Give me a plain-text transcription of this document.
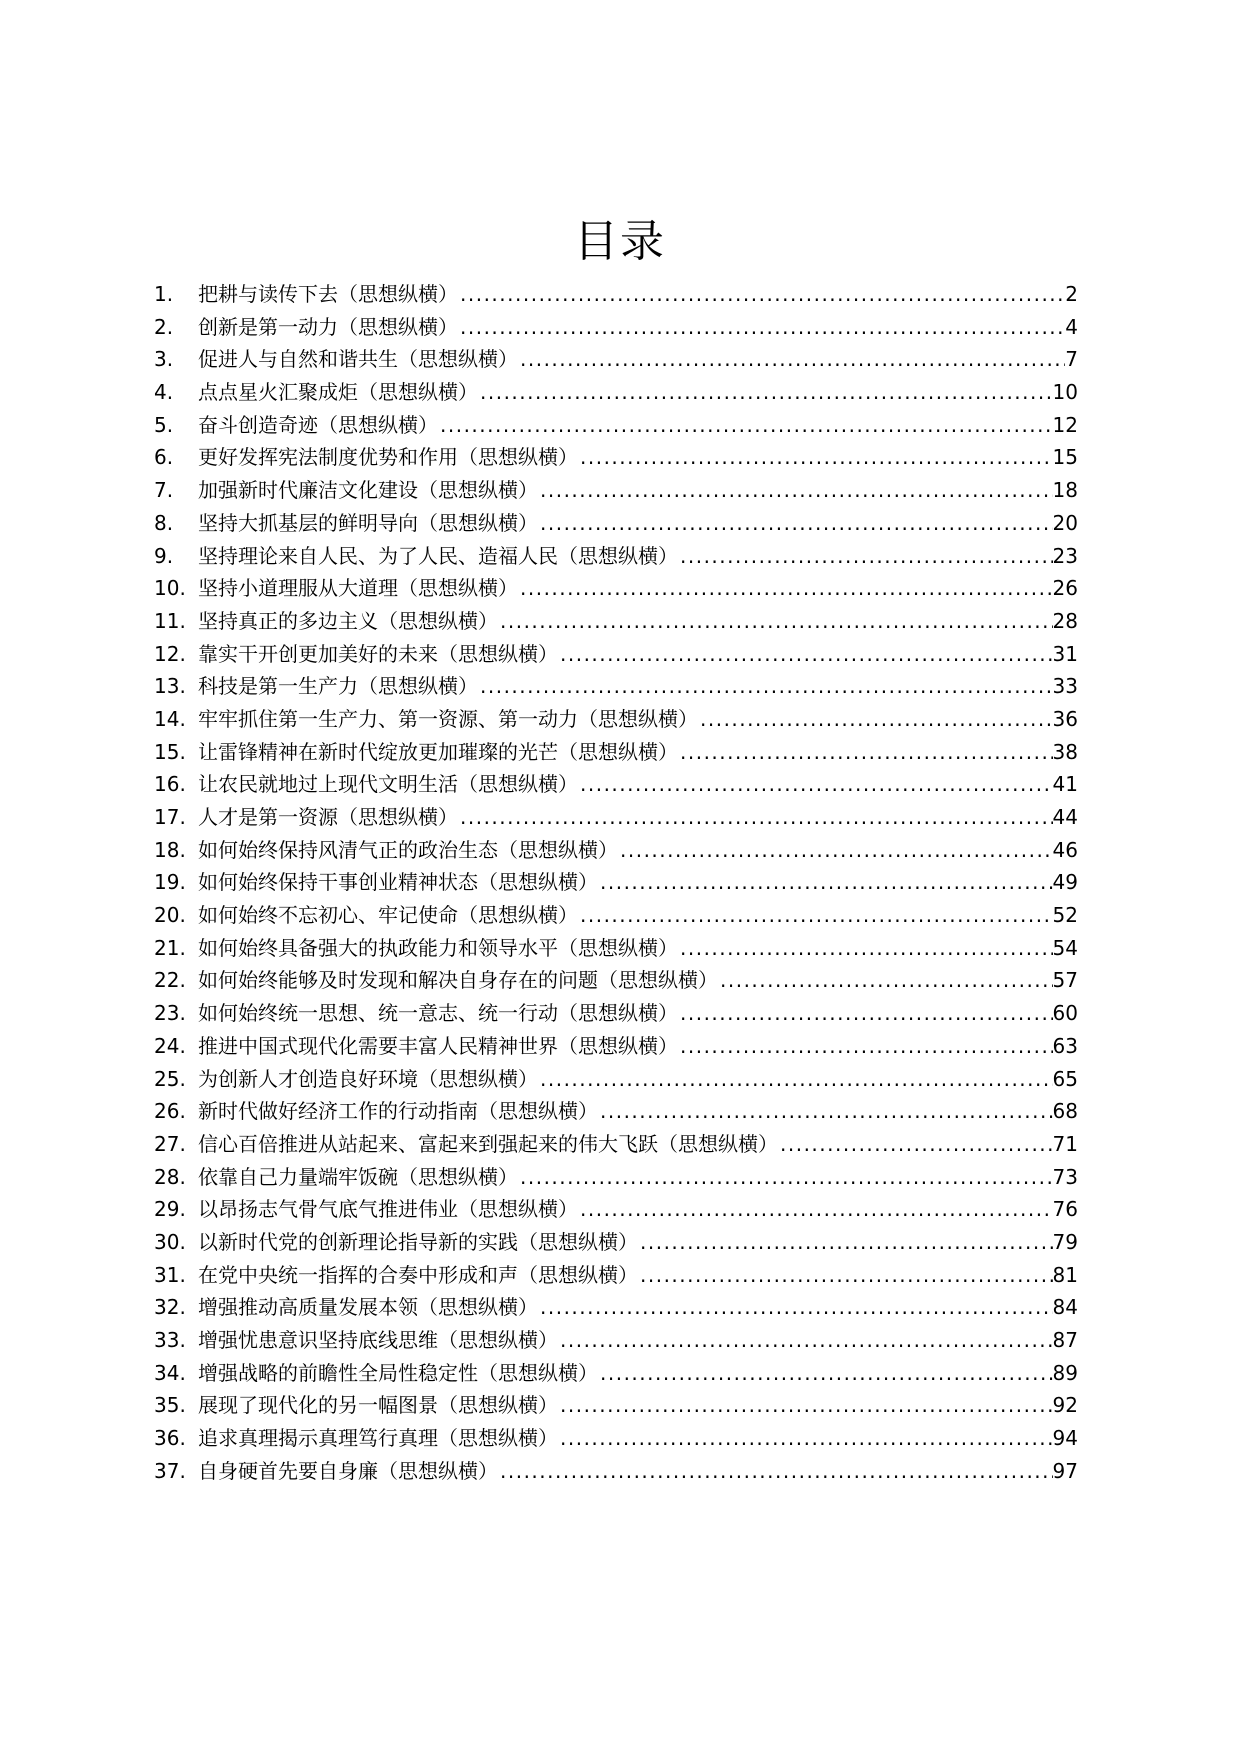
目录
1.	把耕与读传下去（思想纵横） .....	2
2.	创新是第一动力（思想纵横） .....	4
3.	促进人与自然和谐共生（思想纵横） .....	7
4.	点点星火汇聚成炬（思想纵横） .....	10
5.	奋斗创造奇迹（思想纵横） .....	12
6.	更好发挥宪法制度优势和作用（思想纵横） .....	15
7.	加强新时代廉洁文化建设（思想纵横） .....	18
8.	坚持大抓基层的鲜明导向（思想纵横） .....	20
9.	坚持理论来自人民、为了人民、造福人民（思想纵横） .....	23
10. 坚持小道理服从大道理（思想纵横） .....	26
11. 坚持真正的多边主义（思想纵横） .....	28
12. 靠实干开创更加美好的未来（思想纵横） .....	31
13. 科技是第一生产力（思想纵横） .....	33
14. 牢牢抓住第一生产力、第一资源、第一动力（思想纵横） .....	36
15. 让雷锋精神在新时代绽放更加璀璨的光芒（思想纵横） .....	38
16. 让农民就地过上现代文明生活（思想纵横） .....	41
17. 人才是第一资源（思想纵横） .....	44
18. 如何始终保持风清气正的政治生态（思想纵横） .....	46
19. 如何始终保持干事创业精神状态（思想纵横） .....	49
20. 如何始终不忘初心、牢记使命（思想纵横） .....	52
21. 如何始终具备强大的执政能力和领导水平（思想纵横） .....	54
22. 如何始终能够及时发现和解决自身存在的问题（思想纵横） .....	57
23. 如何始终统一思想、统一意志、统一行动（思想纵横） .....	60
24. 推进中国式现代化需要丰富人民精神世界（思想纵横） .....	63
25. 为创新人才创造良好环境（思想纵横） .....	65
26. 新时代做好经济工作的行动指南（思想纵横） .....	68
27. 信心百倍推进从站起来、富起来到强起来的伟大飞跃（思想纵横） .....	71
28. 依靠自己力量端牢饭碗（思想纵横） .....	73
29. 以昂扬志气骨气底气推进伟业（思想纵横） .....	76
30. 以新时代党的创新理论指导新的实践（思想纵横） .....	79
31. 在党中央统一指挥的合奏中形成和声（思想纵横） .....	81
32. 增强推动高质量发展本领（思想纵横） .....	84
33. 增强忧患意识坚持底线思维（思想纵横） .....	87
34. 增强战略的前瞻性全局性稳定性（思想纵横） .....	89
35. 展现了现代化的另一幅图景（思想纵横） .....	92
36. 追求真理揭示真理笃行真理（思想纵横） .....	94
37. 自身硬首先要自身廉（思想纵横） .....	97
